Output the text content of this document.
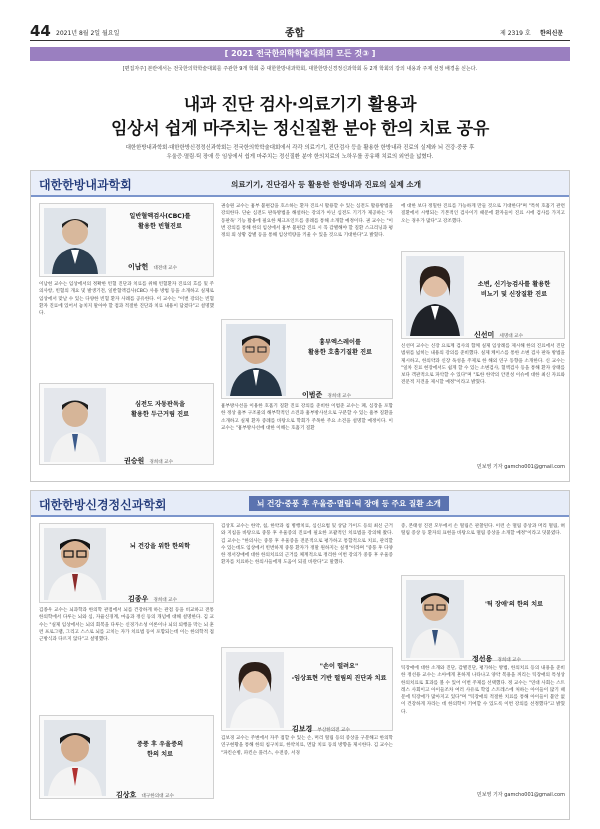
44 2021년 8월 2일 월요일	종합	제 2319 호 한의신문
[ 2021 전국한의학학술대회의 모든 것③ ]
[편집자주] 본란에서는 전국한의학학술대회를 주관한 9개 학회 중 대한한방내과학회, 대한한방신경정신과학회 등 2개 학회의 강의 내용과 주제 선정 배경을 싣는다.
내과 진단 검사·의료기기 활용과
임상서 쉽게 마주치는 정신질환 분야 한의 치료 공유
대한한방내과학회·대한한방신경정신과학회는 전국한의학학술대회에서 각각 의료기기, 진단검사 등을 활용한 한방내과 진료의 실제와 뇌 건강·중풍 후
우울증·멸림·틱 장애 등 임상에서 쉽게 마주치는 정신질환 분야 한의치료의 노하우를 공유해 치료의 외연을 넓혔다.
대한한방내과학회	의료기기, 진단검사 등 활용한 한방내과 진료의 실제 소개
일반혈액검사(CBC)를
활용한 빈혈진료
이남헌 대전대 교수
이남헌 교수는 임상에서의 정확한 빈혈 진단과 치료를 위해 빈혈환자 진료의 흐름 및 주의사항, 빈혈의 개요 및 발생기전, 일반혈액검사(CBC) 사용 방법 등을 소개하고 실제로 임상에서 맞날 수 있는 다양한 빈혈 환자 사례를 공유한다. 이 교수는 "이번 강의는 빈혈 환자 진료에 있어서 놓치지 말아야 할 점과 적절한 진단과 치료 내용이 담겼다"고 설명했다.
심전도 자동판독을
활용한 두근거림 진료
권승원 경희대 교수
권승원 교수는 흉부 불편감을 호소하는 환자 진료시 활용할 수 있는 심전도 활용방법을 강의한다. 단순 심전도 판독방법을 해설하는 강의가 아닌 심전도 기기가 제공하는 '자동판독' 기능 활용에 필요한 체크포인트를 중례를 통해 소개할 예정이다. 권 교수는 "이번 강의를 통해 한의 임상에서 흉부 불편감 진료 시 꼭 감별해야 할 질환 스크리닝과 평정의 뢰 상황 감별 등을 통해 임상역량을 키울 수 있을 것으로 기대한다"고 밝혔다.
흉부엑스레이를
활용한 호흡기질환 진료
이범준 경희대 교수
흉부방사선을 이용한 호흡기 질환 진료 강의를 준비한 이범준 교수는 폐, 심장을 포함한 정상 흉부 구조물의 해부학적인 소견과 흉부방사선으로 구분할 수 있는 흉부 질환을 소개하고 실제 환자 증례를 바탕으로 학회가 주목한 주요 소견을 설명할 예정이다. 이 교수는 "흉부방사선에 대한 이해는 호흡기 질환
에 대한 보다 정밀한 진료를 가능하게 만들 것으로 기대한다"며 "특히 호흡기 관련 질환에서 시행되는 기본적인 검사이기 때문에 환자들이 진료 시에 검사를 가지고 오는 경우가 많다"고 강조했다.
소변, 신기능검사를 활용한
비뇨기 및 신장질환 진료
신선미 세명대 교수
신선미 교수는 신장 요로계 검사의 함께 실제 임상례를 제시해 한의 진료에서 진단 범위를 넓히는 내용의 강의를 준비했다. 실제 케이스를 통한 소변 검사 판독 방법을 제시하고, 한의약과 신장 독성을 주제로 한 해외 연구 동향을 소개한다. 신 교수는 "일차 진료 현장에서도 쉽게 할 수 있는 소변검사, 혈액검사 등을 통해 환자 상태를 보다 객관적으로 파악할 수 있다"며 "또한 한약의 안전성 이슈에 대한 최신 자료와 전문적 지견을 제시할 예정"이라고 밝혔다.
민보영 기자 gamcho001@gmail.com
대한한방신경정신과학회	뇌 건강·중풍 후 우울증·멸림·틱 장애 등 주요 질환 소개
뇌 건강을 위한 한의학
김종우 경희대 교수
김종우 교수는 뇌과학과 한의학 관점에서 뇌를 건강하게 하는 관점 등을 비교하고 전통 한의학에서 다루는 뇌와 심, 자율신경계, 마음과 정신 등의 개념에 대해 설명한다. 김 교수는 "실제 임상에서는 뇌의 회복을 다루는 신경가소성 이론이나 뇌의 퇴행을 막는 뇌 훈련 프로그램, 그리고 스스로 뇌를 고치는 자가 치료법 등이 포함되는데 이는 한의학적 접근방식과 다르지 않다"고 설명했다.
중풍 후 우울증의
한의 치료
김상호 대구한의대 교수
김상호 교수는 한약, 침, 한약과 침 병행치료, 심신요법 및 상담 가이드 등의 최신 근거와 지침을 바탕으로 중풍 후 우울증의 진료에 필요한 포괄적인 치료법을 강의해 왔다. 김 교수는 "한의사는 중풍 후 우울증을 전문적으로 평가하고 통합적으로 치료, 관리할 수 있는데도 임상에서 빈번하게 중풍 환자가 정말 원하지는 실정"이라며 "중풍 후 다양한 정서장애에 대한 한의치료의 근거를 체계적으로 정리한 이번 강의가 중풍 후 우울증 환자를 치료하는 한의사들에게 도움이 되길 바란다"고 말했다.
"손이 떨려요"
-임상표현 기반 떨림의 진단과 치료
김보경 부산한의전 교수
김보경 교수는 주변에서 자주 접할 수 있는 손, 머리 떨림 등의 증상을 구분해고 한의학 연구현황을 통해 한의 침구치료, 한약치료, 면담 치료 등의 방향을 제시한다. 김 교수는 "파킨슨병, 파킨슨 플러스, 수전증, 서경
증, 본태성 진전 모두에서 손 떨림은 관찰된다. 이런 손 떨림 증상과 머리 떨림, 혀 떨림 증상 등 환자의 표현을 바탕으로 떨림 증상을 소개할 예정"이라고 덧붙였다.
'틱 장애'의 한의 치료
정선용 경희대 교수
틱장애에 대한 소개와 진단, 감별진단, 평가하는 방법, 한의치료 등의 내용을 준비한 정선용 교수는 소아에게 흔하게 나타나고 양약 복용을 꺼리는 틱장애의 특성상 한의치료로 효과를 볼 수 있어 이번 주제를 선택했다. 정 교수는 "연대 사회는 스트레스 사회이고 아이들조차 여러 사유로 학업 스트레스에 처하는 아이들이 많기 때문에 틱장애가 많아지고 있다"며 "틱장애의 적절한 치료를 통해 아이들이 불안 없이 건강하게 자라는 데 한의학이 기여할 수 있도록 이번 강의를 선정했다"고 밝혔다.
민보영 기자 gamcho001@gmail.com
